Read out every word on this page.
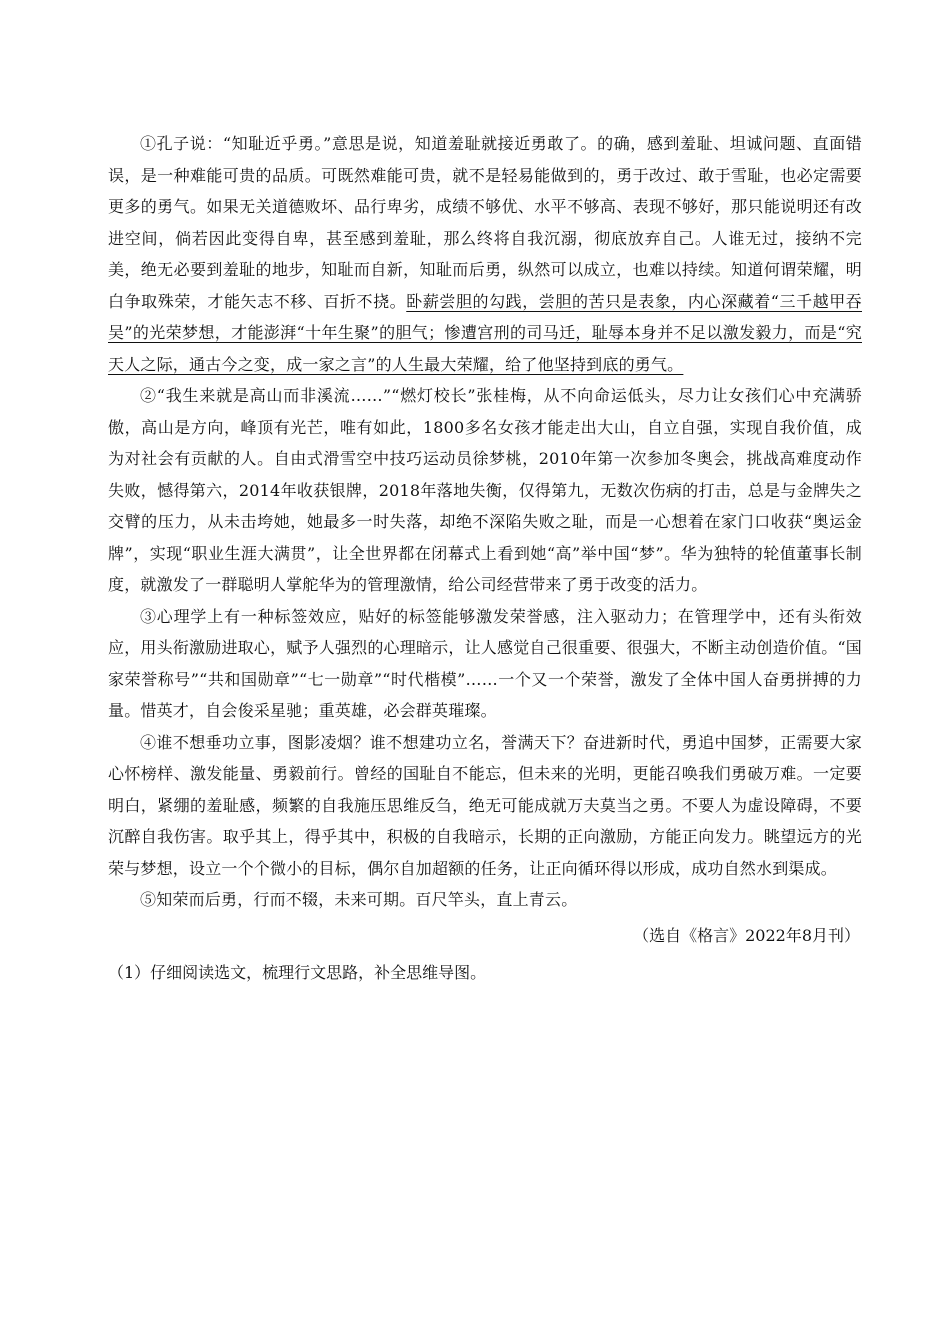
①孔子说：“知耻近乎勇。”意思是说，知道羞耻就接近勇敢了。的确，感到羞耻、坦诚问题、直面错误，是一种难能可贵的品质。可既然难能可贵，就不是轻易能做到的，勇于改过、敢于雪耻，也必定需要更多的勇气。如果无关道德败坏、品行卑劣，成绩不够优、水平不够高、表现不够好，那只能说明还有改进空间，倘若因此变得自卑，甚至感到羞耻，那么终将自我沉溺，彻底放弃自己。人谁无过，接纳不完美，绝无必要到羞耻的地步，知耻而自新，知耻而后勇，纵然可以成立，也难以持续。知道何谓荣耀，明白争取殊荣，才能矢志不移、百折不挠。卧薪尝胆的勾践，尝胆的苦只是表象，内心深藏着“三千越甲吞吴”的光荣梦想，才能澎湃“十年生聚”的胆气；惨遭宫刑的司马迁，耻辱本身并不足以激发毅力，而是“究天人之际，通古今之变，成一家之言”的人生最大荣耀，给了他坚持到底的勇气。

②“我生来就是高山而非溪流……”“燃灯校长”张桂梅，从不向命运低头，尽力让女孩们心中充满骄傲，高山是方向，峰顶有光芒，唯有如此，1800多名女孩才能走出大山，自立自强，实现自我价值，成为对社会有贡献的人。自由式滑雪空中技巧运动员徐梦桃，2010年第一次参加冬奥会，挑战高难度动作失败，憾得第六，2014年收获银牌，2018年落地失衡，仅得第九，无数次伤病的打击，总是与金牌失之交臂的压力，从未击垮她，她最多一时失落，却绝不深陷失败之耻，而是一心想着在家门口收获“奥运金牌”，实现“职业生涯大满贯”，让全世界都在闭幕式上看到她“高”举中国“梦”。华为独特的轮值董事长制度，就激发了一群聪明人掌舵华为的管理激情，给公司经营带来了勇于改变的活力。

③心理学上有一种标签效应，贴好的标签能够激发荣誉感，注入驱动力；在管理学中，还有头衔效应，用头衔激励进取心，赋予人强烈的心理暗示，让人感觉自己很重要、很强大，不断主动创造价值。“国家荣誉称号”“共和国勋章”“七一勋章”“时代楷模”……一个又一个荣誉，激发了全体中国人奋勇拼搏的力量。惜英才，自会俊采星驰；重英雄，必会群英璀璨。

④谁不想垂功立事，图影凌烟？谁不想建功立名，誉满天下？奋进新时代，勇追中国梦，正需要大家心怀榜样、激发能量、勇毅前行。曾经的国耻自不能忘，但未来的光明，更能召唤我们勇破万难。一定要明白，紧绷的羞耻感，频繁的自我施压思维反刍，绝无可能成就万夫莫当之勇。不要人为虚设障碍，不要沉醉自我伤害。取乎其上，得乎其中，积极的自我暗示，长期的正向激励，方能正向发力。眺望远方的光荣与梦想，设立一个个微小的目标，偶尔自加超额的任务，让正向循环得以形成，成功自然水到渠成。

⑤知荣而后勇，行而不辍，未来可期。百尺竿头，直上青云。

（选自《格言》2022年8月刊）

（1）仔细阅读选文，梳理行文思路，补全思维导图。
